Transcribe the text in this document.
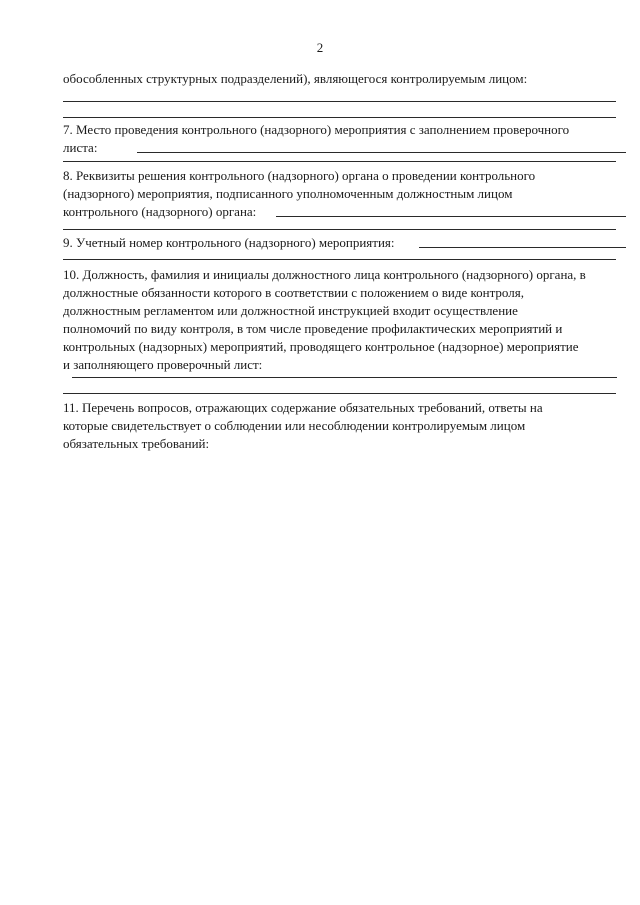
2
обособленных структурных подразделений), являющегося контролируемым лицом:
7. Место проведения контрольного (надзорного) мероприятия с заполнением проверочного
листа:
8. Реквизиты решения контрольного (надзорного) органа о проведении контрольного
(надзорного) мероприятия, подписанного уполномоченным должностным лицом
контрольного (надзорного) органа:
9. Учетный номер контрольного (надзорного) мероприятия:
10. Должность, фамилия и инициалы должностного лица контрольного (надзорного) органа, в
должностные обязанности которого в соответствии с положением о виде контроля,
должностным регламентом или должностной инструкцией входит осуществление
полномочий по виду контроля, в том числе проведение профилактических мероприятий и
контрольных (надзорных) мероприятий, проводящего контрольное (надзорное) мероприятие
и заполняющего проверочный лист:
11. Перечень вопросов, отражающих содержание обязательных требований, ответы на
которые свидетельствует о соблюдении или несоблюдении контролируемым лицом
обязательных требований:
